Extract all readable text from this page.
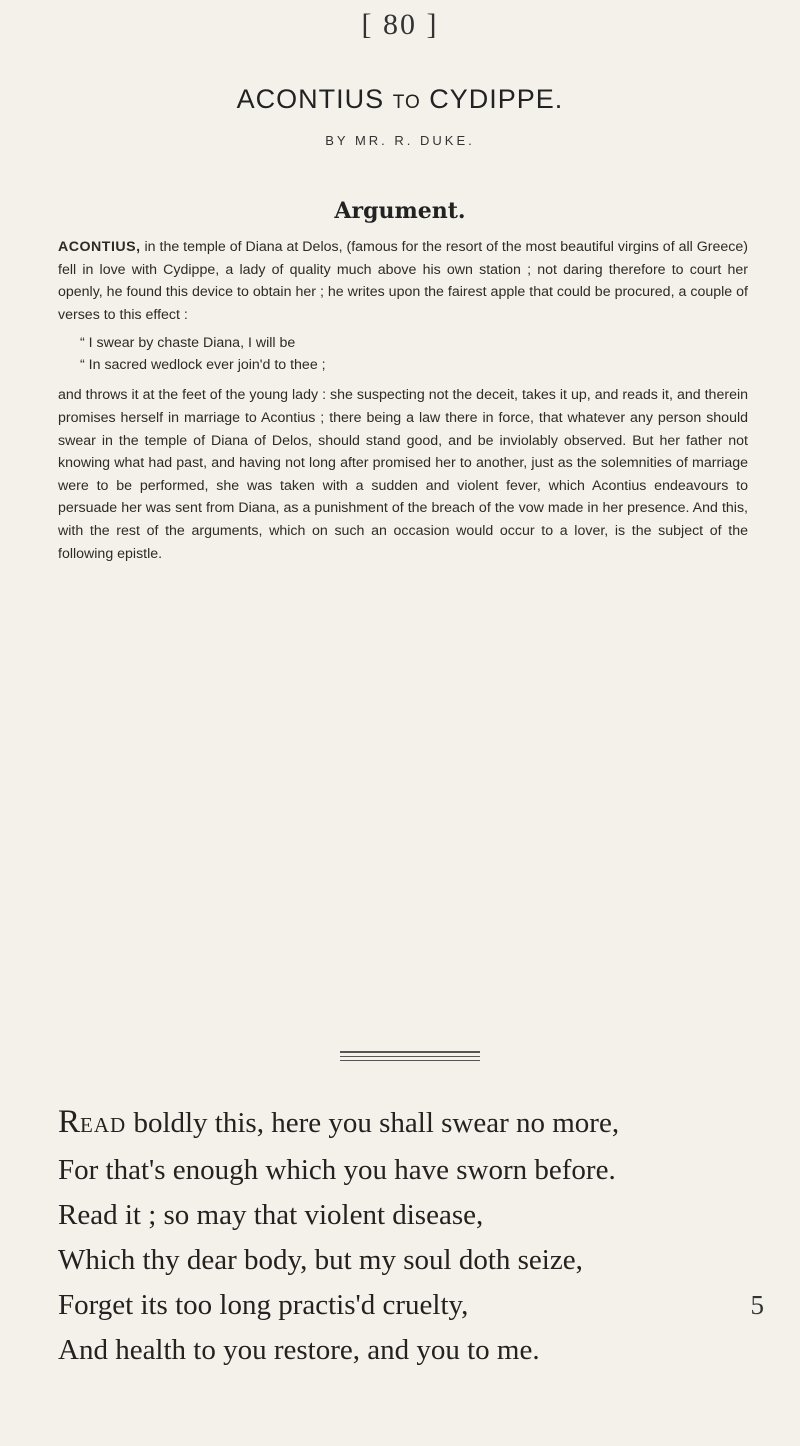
[ 80 ]
ACONTIUS TO CYDIPPE.
BY MR. R. DUKE.
Argument.

ACONTIUS, in the temple of Diana at Delos, (famous for the resort of the most beautiful virgins of all Greece) fell in love with Cydippe, a lady of quality much above his own station ; not daring therefore to court her openly, he found this device to obtain her ; he writes upon the fairest apple that could be procured, a couple of verses to this effect :

“ I swear by chaste Diana, I will be
“ In sacred wedlock ever join'd to thee ;

and throws it at the feet of the young lady : she suspecting not the deceit, takes it up, and reads it, and therein promises herself in marriage to Acontius ; there being a law there in force, that whatever any person should swear in the temple of Diana of Delos, should stand good, and be inviolably observed. But her father not knowing what had past, and having not long after promised her to another, just as the solemnities of marriage were to be performed, she was taken with a sudden and violent fever, which Acontius endeavours to persuade her was sent from Diana, as a punishment of the breach of the vow made in her presence. And this, with the rest of the arguments, which on such an occasion would occur to a lover, is the subject of the following epistle.

READ boldly this, here you shall swear no more,
For that's enough which you have sworn before.
Read it ; so may that violent disease,
Which thy dear body, but my soul doth seize,
Forget its too long practis'd cruelty,	5
And health to you restore, and you to me.
